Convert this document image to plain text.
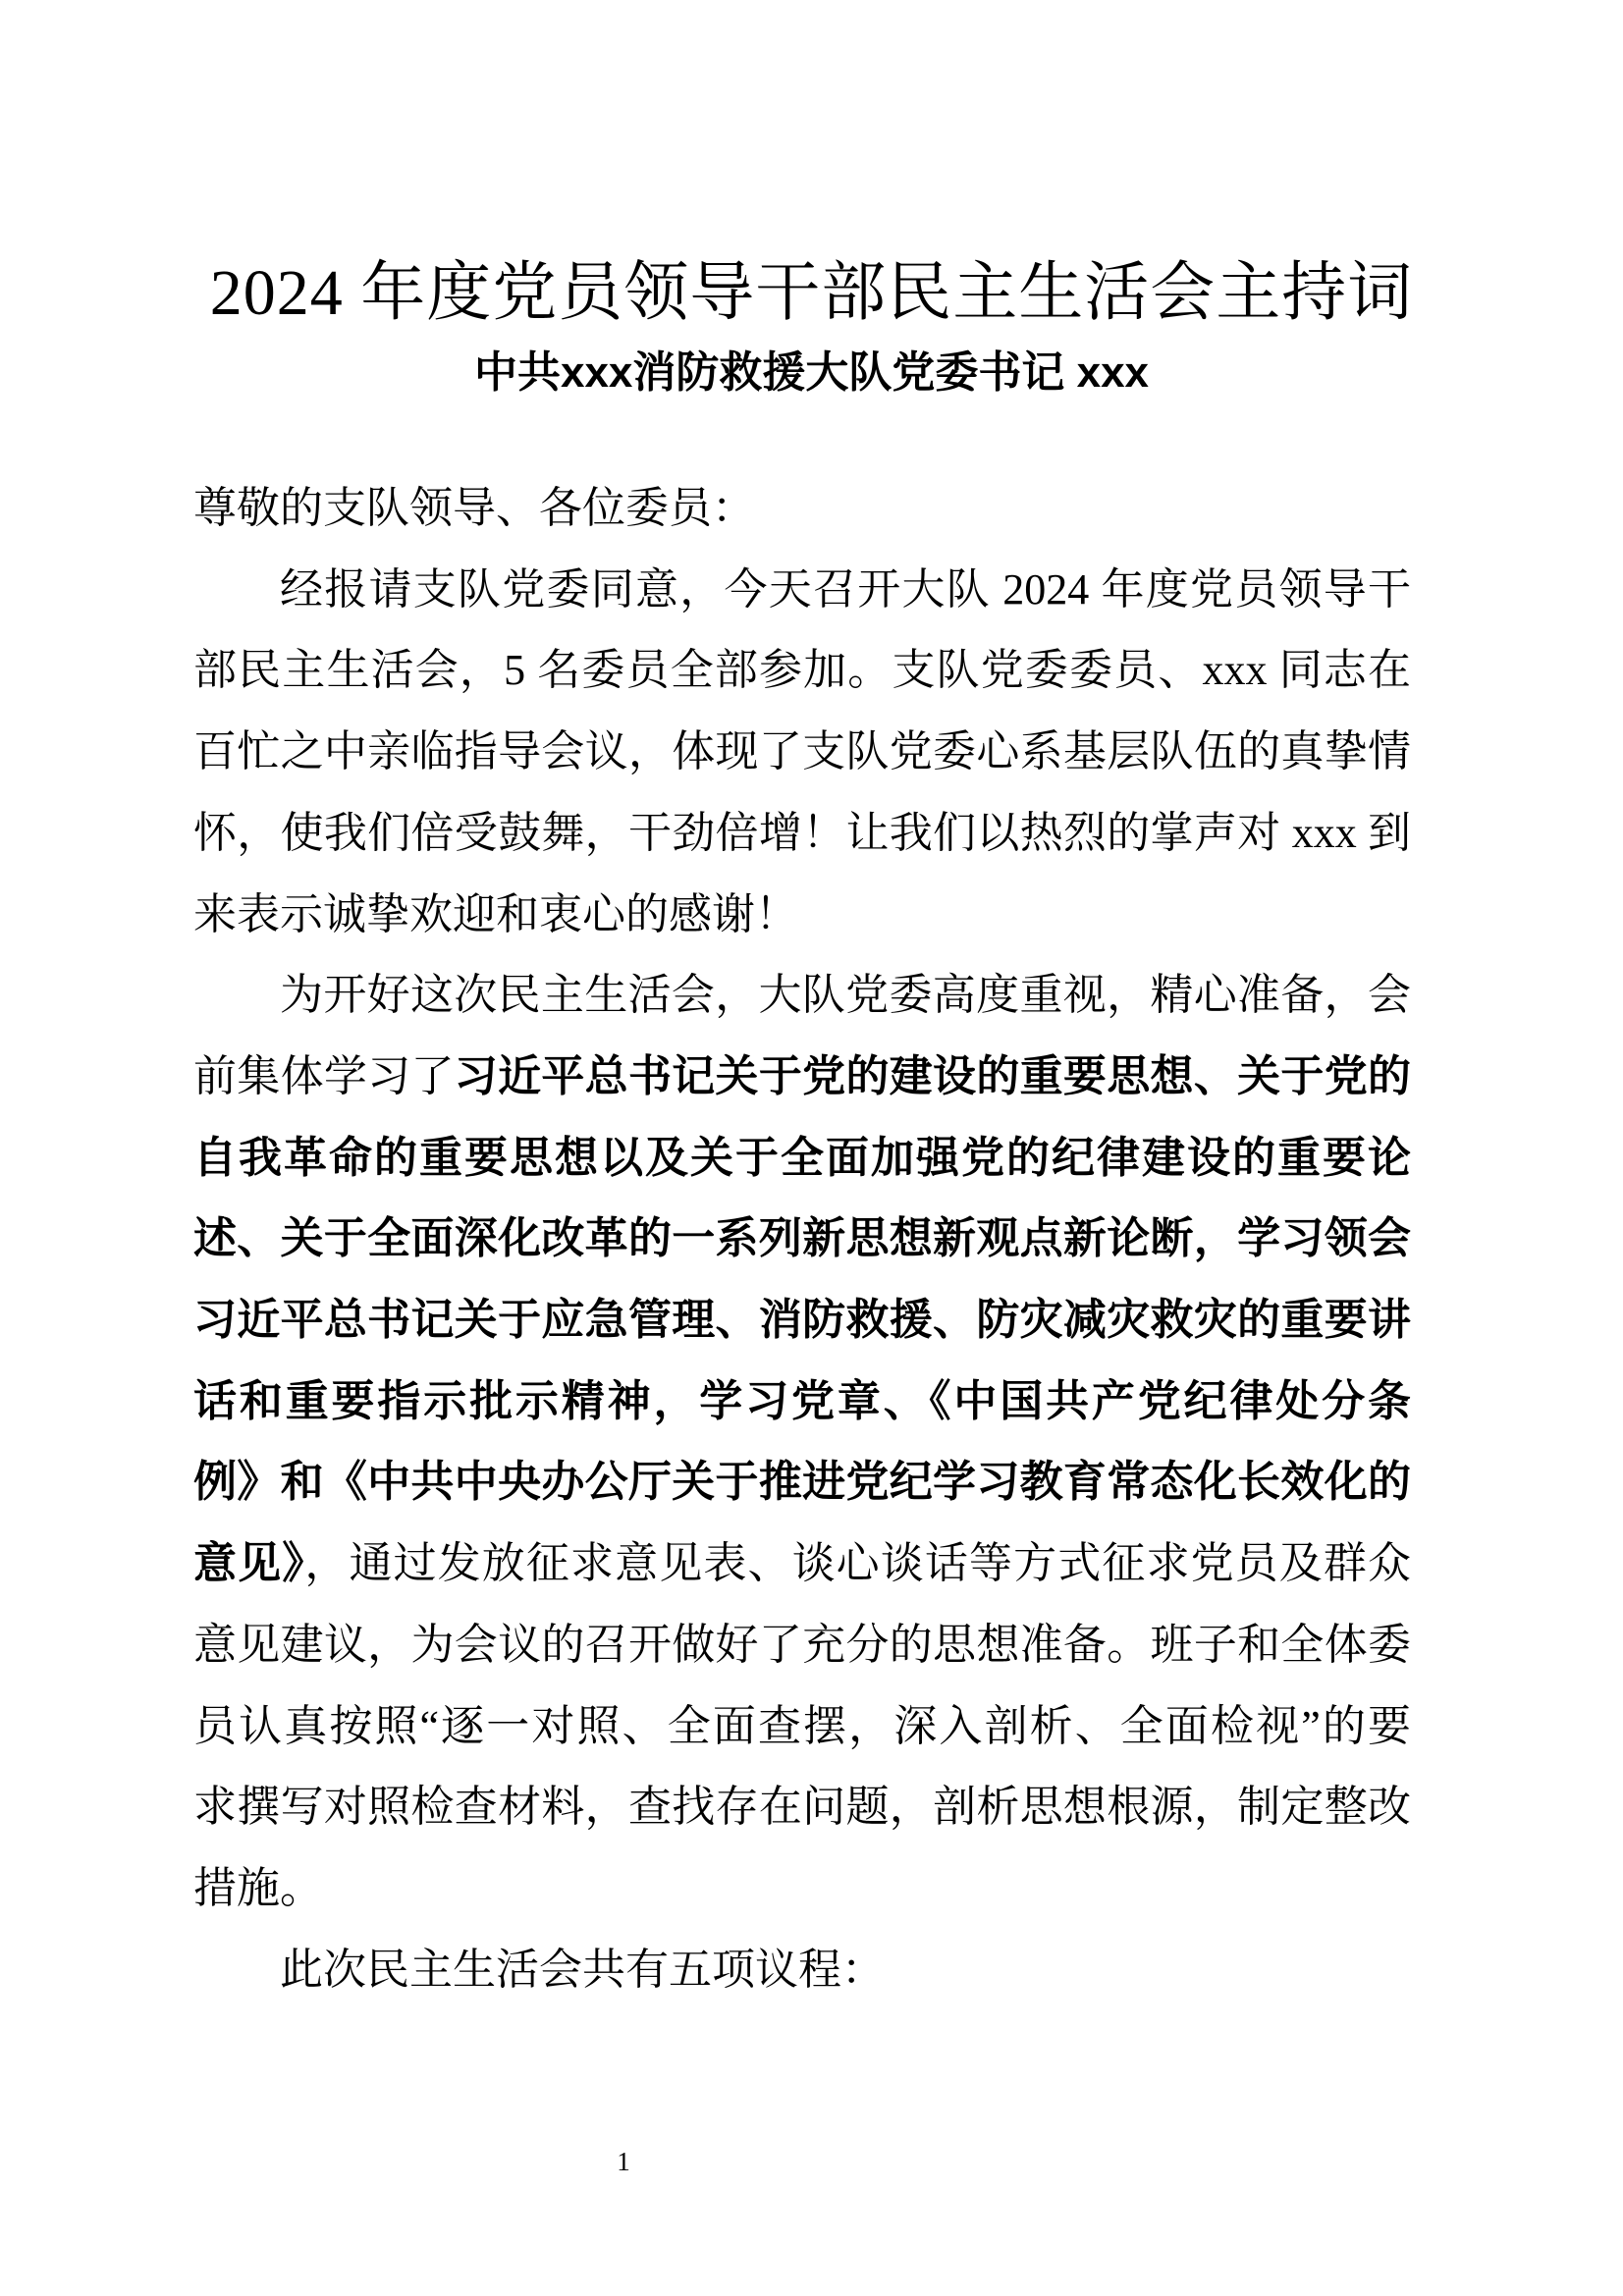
2024 年度党员领导干部民主生活会主持词
中共xxx消防救援大队党委书记 xxx
尊敬的支队领导、各位委员：
经报请支队党委同意，今天召开大队 2024 年度党员领导干
部民主生活会，5 名委员全部参加。支队党委委员、xxx 同志在
百忙之中亲临指导会议，体现了支队党委心系基层队伍的真挚情
怀，使我们倍受鼓舞，干劲倍增！让我们以热烈的掌声对 xxx 到
来表示诚挚欢迎和衷心的感谢！
为开好这次民主生活会，大队党委高度重视，精心准备，会
前集体学习了习近平总书记关于党的建设的重要思想、关于党的
自我革命的重要思想以及关于全面加强党的纪律建设的重要论
述、关于全面深化改革的一系列新思想新观点新论断，学习领会
习近平总书记关于应急管理、消防救援、防灾减灾救灾的重要讲
话和重要指示批示精神，学习党章、《中国共产党纪律处分条
例》和《中共中央办公厅关于推进党纪学习教育常态化长效化的
意见》，通过发放征求意见表、谈心谈话等方式征求党员及群众
意见建议，为会议的召开做好了充分的思想准备。班子和全体委
员认真按照“逐一对照、全面查摆，深入剖析、全面检视”的要
求撰写对照检查材料，查找存在问题，剖析思想根源，制定整改
措施。
此次民主生活会共有五项议程：
1
